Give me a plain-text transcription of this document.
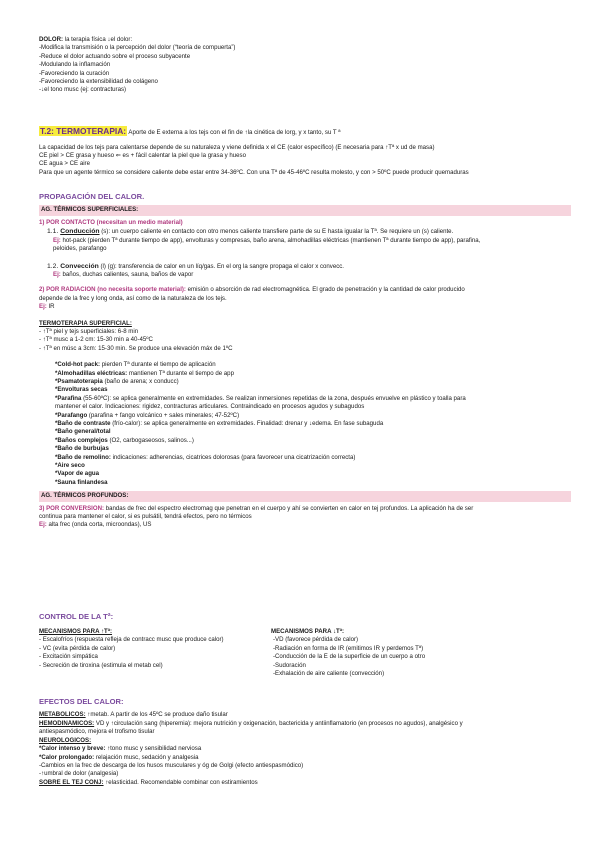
DOLOR: la terapia física ↓el dolor:
-Modifica la transmisión o la percepción del dolor (“teoría de compuerta”)
-Reduce el dolor actuando sobre el proceso subyacente
-Modulando la inflamación
-Favoreciendo la curación
-Favoreciendo la extensibilidad de colágeno
-↓el tono musc (ej: contracturas)
T.2: TERMOTERAPIA: Aporte de E externa a los tejs con el fin de ↑la cinética de lorg, y x tanto, su T ª
La capacidad de los tejs para calentarse depende de su naturaleza y viene definida x el CE (calor específico) (E necesaria para ↑Tª x ud de masa)
CE piel > CE grasa y hueso ⇐ es + fácil calentar la piel que la grasa y hueso
CE agua > CE aire
Para que un agente térmico se considere caliente debe estar entre 34-36ºC. Con una Tª de 45-46ºC resulta molesto, y con > 50ºC puede producir quemaduras
PROPAGACIÓN DEL CALOR.
AG. TÉRMICOS SUPERFICIALES:
1) POR CONTACTO (necesitan un medio material)
1.1. Conducción (s): un cuerpo caliente en contacto con otro menos caliente transfiere parte de su E hasta igualar la Tª. Se requiere un (s) caliente.
Ej: hot-pack (pierden Tª durante tiempo de app), envolturas y compresas, baño arena, almohadillas eléctricas (mantienen Tª durante tiempo de app), parafina,
peloides, parafango
1.2. Convección (l) (g): transferencia de calor en un líq/gas. En el org la sangre propaga el calor x convecc.
Ej: baños, duchas calientes, sauna, baños de vapor
2) POR RADIACIÓN (no necesita soporte material): emisión o absorción de rad electromagnética. El grado de penetración y la cantidad de calor producido
depende de la frec y long onda, así como de la naturaleza de los tejs.
Ej: IR
TERMOTERAPIA SUPERFICIAL:
- ↑Tª piel y tejs superficiales: 6-8 min
- ↑Tª musc a 1-2 cm: 15-30 min a 40-45ºC
- ↑Tª en músc a 3cm: 15-30 min. Se produce una elevación máx de 1ºC
*Cold-hot pack: pierden Tª durante el tiempo de aplicación
*Almohadillas eléctricas: mantienen Tª durante el tiempo de app
*Psamatoterapia (baño de arena; x conducc)
*Envolturas secas
*Parafina (55-60ºC): se aplica generalmente en extremidades. Se realizan inmersiones repetidas de la zona, después envuelve en plástico y toalla para
mantener el calor. Indicaciones: rigidez, contracturas articulares. Contraindicado en procesos agudos y subagudos
*Parafango (parafina + fango volcánico + sales minerales; 47-52ºC)
*Baño de contraste (frío-calor): se aplica generalmente en extremidades. Finalidad: drenar y ↓edema. En fase subaguda
*Baño general/total
*Baños complejos (O2, carbogaseosos, salinos...)
*Baño de burbujas
*Baño de remolino: indicaciones: adherencias, cicatrices dolorosas (para favorecer una cicatrización correcta)
*Aire seco
*Vapor de agua
*Sauna finlandesa
AG. TÉRMICOS PROFUNDOS:
3) POR CONVERSIÓN: bandas de frec del espectro electromag que penetran en el cuerpo y ahí se convierten en calor en tej profundos. La aplicación ha de ser
continua para mantener el calor, si es pulsátil, tendrá efectos, pero no térmicos
Ej: alta frec (onda corta, microondas), US
CONTROL DE LA Tª:
MECANISMOS PARA ↑Tª:
- Escalofríos (respuesta refleja de contracc musc que produce calor)
- VC (evita pérdida de calor)
- Excitación simpática
- Secreción de tiroxina (estimula el metab cel)
MECANISMOS PARA ↓Tª:
-VD (favorece pérdida de calor)
-Radiación en forma de IR (emitimos IR y perdemos Tª)
-Conducción de la E de la superficie de un cuerpo a otro
-Sudoración
-Exhalación de aire caliente (convección)
EFECTOS DEL CALOR:
METABÓLICOS: ↑metab. A partir de los 45ºC se produce daño tisular
HEMODINÁMICOS: VD y ↑circulación sang (hiperemia): mejora nutrición y oxigenación, bactericida y antiinflamatorio (en procesos no agudos), analgésico y
antiespasmódico, mejora el trofismo tisular
NEUROLÓGICOS:
*Calor intenso y breve: ↑tono musc y sensibilidad nerviosa
*Calor prolongado: relajación musc, sedación y analgesia
-Cambios en la frec de descarga de los husos musculares y óg de Golgi (efecto antiespasmódico)
-↑umbral de dolor (analgesia)
SOBRE EL TEJ CONJ: ↑elasticidad. Recomendable combinar con estiramientos
